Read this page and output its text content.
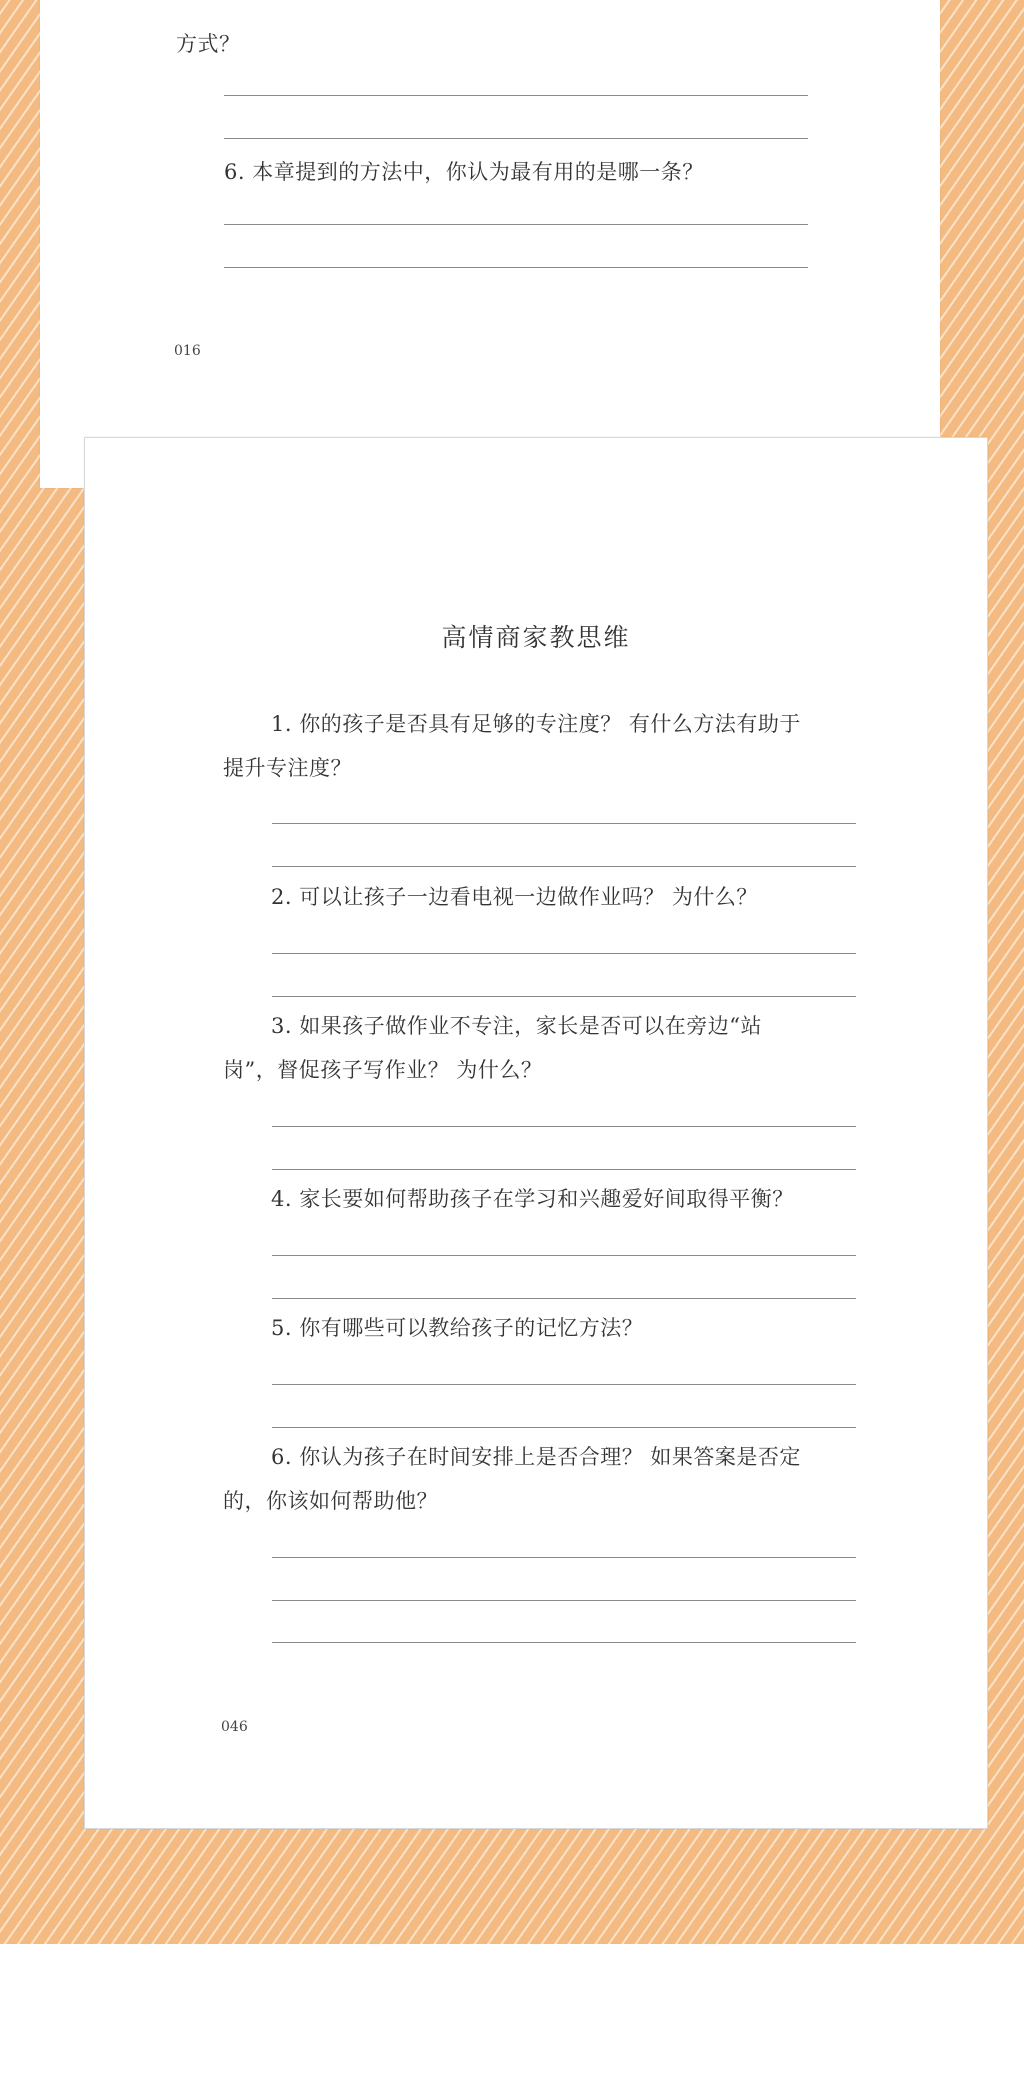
方式？
6. 本章提到的方法中，你认为最有用的是哪一条？
016
高情商家教思维
1. 你的孩子是否具有足够的专注度？ 有什么方法有助于
提升专注度？
2. 可以让孩子一边看电视一边做作业吗？ 为什么？
3. 如果孩子做作业不专注，家长是否可以在旁边“站
岗”，督促孩子写作业？ 为什么？
4. 家长要如何帮助孩子在学习和兴趣爱好间取得平衡？
5. 你有哪些可以教给孩子的记忆方法？
6. 你认为孩子在时间安排上是否合理？ 如果答案是否定
的，你该如何帮助他？
046
